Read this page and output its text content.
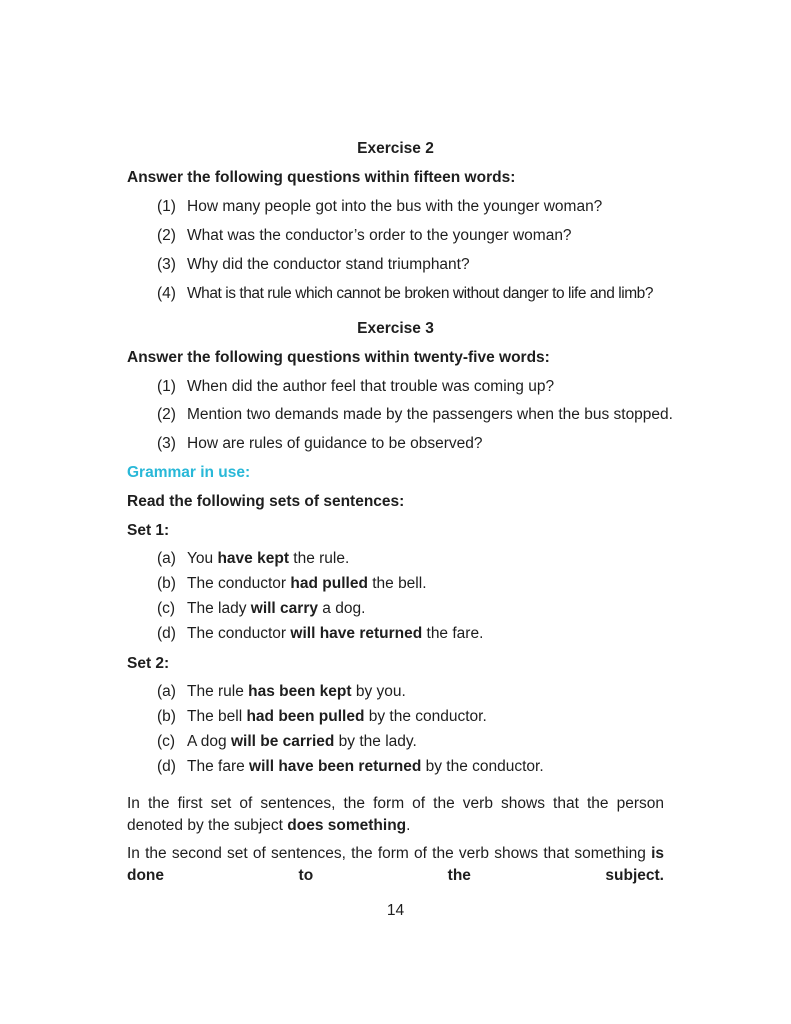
Exercise 2
Answer the following questions within fifteen words:
(1) How many people got into the bus with the younger woman?
(2) What was the conductor’s order to the younger woman?
(3) Why did the conductor stand triumphant?
(4) What is that rule which cannot be broken without danger to life and limb?
Exercise 3
Answer the following questions within twenty-five words:
(1) When did the author feel that trouble was coming up?
(2) Mention two demands made by the passengers when the bus stopped.
(3) How are rules of guidance to be observed?
Grammar in use:
Read the following sets of sentences:
Set 1:
(a) You have kept the rule.
(b) The conductor had pulled the bell.
(c) The lady will carry a dog.
(d) The conductor will have returned the fare.
Set 2:
(a) The rule has been kept by you.
(b) The bell had been pulled by the conductor.
(c) A dog will be carried by the lady.
(d) The fare will have been returned by the conductor.
In the first set of sentences, the form of the verb shows that the person denoted by the subject does something.
In the second set of sentences, the form of the verb shows that something is done to the subject.
14
